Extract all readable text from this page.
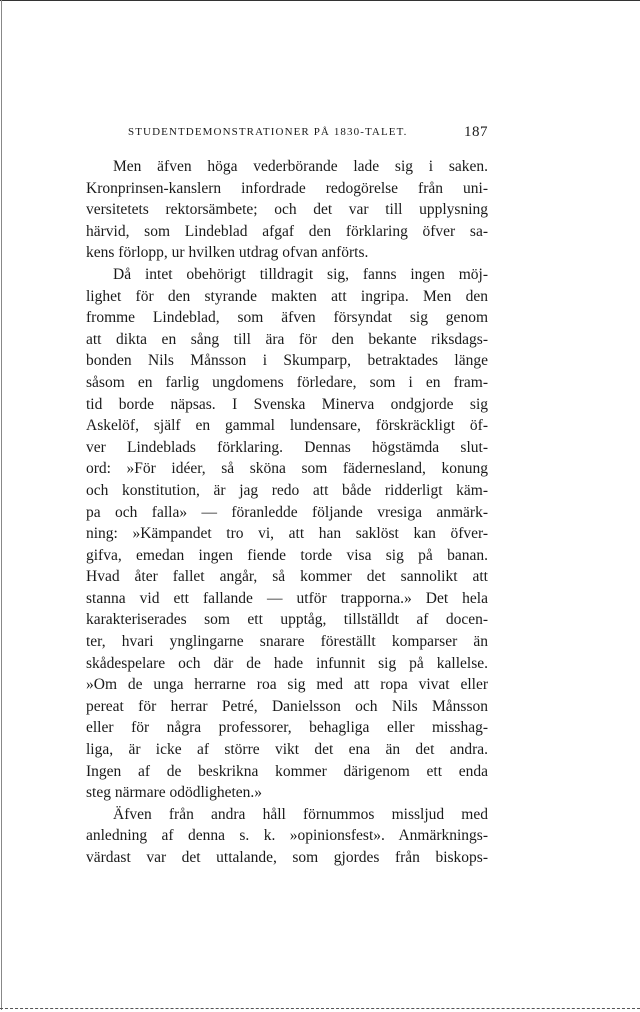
STUDENTDEMONSTRATIONER PÅ 1830-TALET.	187
Men äfven höga vederbörande lade sig i saken.
Kronprinsen-kanslern infordrade redogörelse från uni-
versitetets rektorsämbete; och det var till upplysning
härvid, som Lindeblad afgaf den förklaring öfver sa-
kens förlopp, ur hvilken utdrag ofvan anförts.
Då intet obehörigt tilldragit sig, fanns ingen möj-
lighet för den styrande makten att ingripa. Men den
fromme Lindeblad, som äfven försyndat sig genom
att dikta en sång till ära för den bekante riksdags-
bonden Nils Månsson i Skumparp, betraktades länge
såsom en farlig ungdomens förledare, som i en fram-
tid borde näpsas. I Svenska Minerva ondgjorde sig
Askelöf, själf en gammal lundensare, förskräckligt öf-
ver Lindeblads förklaring. Dennas högstämda slut-
ord: »För idéer, så sköna som fädernesland, konung
och konstitution, är jag redo att både ridderligt käm-
pa och falla» — föranledde följande vresiga anmärk-
ning: »Kämpandet tro vi, att han saklöst kan öfver-
gifva, emedan ingen fiende torde visa sig på banan.
Hvad åter fallet angår, så kommer det sannolikt att
stanna vid ett fallande — utför trapporna.» Det hela
karakteriserades som ett upptåg, tillställdt af docen-
ter, hvari ynglingarne snarare föreställt komparser än
skådespelare och där de hade infunnit sig på kallelse.
»Om de unga herrarne roa sig med att ropa vivat eller
pereat för herrar Petré, Danielsson och Nils Månsson
eller för några professorer, behagliga eller misshag-
liga, är icke af större vikt det ena än det andra.
Ingen af de beskrikna kommer därigenom ett enda
steg närmare odödligheten.»
Äfven från andra håll förnummos missljud med
anledning af denna s. k. »opinionsfest». Anmärknings-
värdast var det uttalande, som gjordes från biskops-
